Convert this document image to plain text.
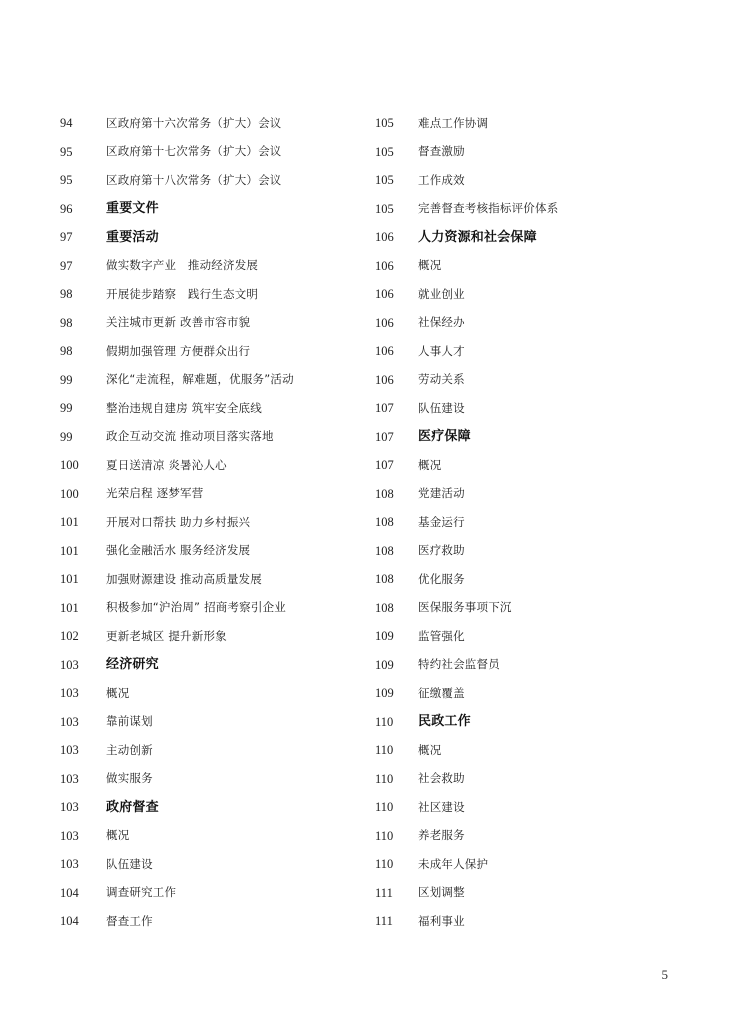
94	区政府第十六次常务（扩大）会议
95	区政府第十七次常务（扩大）会议
95	区政府第十八次常务（扩大）会议
96	重要文件
97	重要活动
97	做实数字产业　推动经济发展
98	开展徒步踏察　践行生态文明
98	关注城市更新 改善市容市貌
98	假期加强管理 方便群众出行
99	深化“走流程，解难题，优服务”活动
99	整治违规自建房 筑牢安全底线
99	政企互动交流 推动项目落实落地
100	夏日送清凉 炎暑沁人心
100	光荣启程 逐梦军营
101	开展对口帮扶 助力乡村振兴
101	强化金融活水 服务经济发展
101	加强财源建设 推动高质量发展
101	积极参加“沪治周” 招商考察引企业
102	更新老城区 提升新形象
103	经济研究
103	概况
103	靠前谋划
103	主动创新
103	做实服务
103	政府督查
103	概况
103	队伍建设
104	调查研究工作
104	督查工作
105	难点工作协调
105	督查激励
105	工作成效
105	完善督查考核指标评价体系
106	人力资源和社会保障
106	概况
106	就业创业
106	社保经办
106	人事人才
106	劳动关系
107	队伍建设
107	医疗保障
107	概况
108	党建活动
108	基金运行
108	医疗救助
108	优化服务
108	医保服务事项下沉
109	监管强化
109	特约社会监督员
109	征缴覆盖
110	民政工作
110	概况
110	社会救助
110	社区建设
110	养老服务
110	未成年人保护
111	区划调整
111	福利事业
5
